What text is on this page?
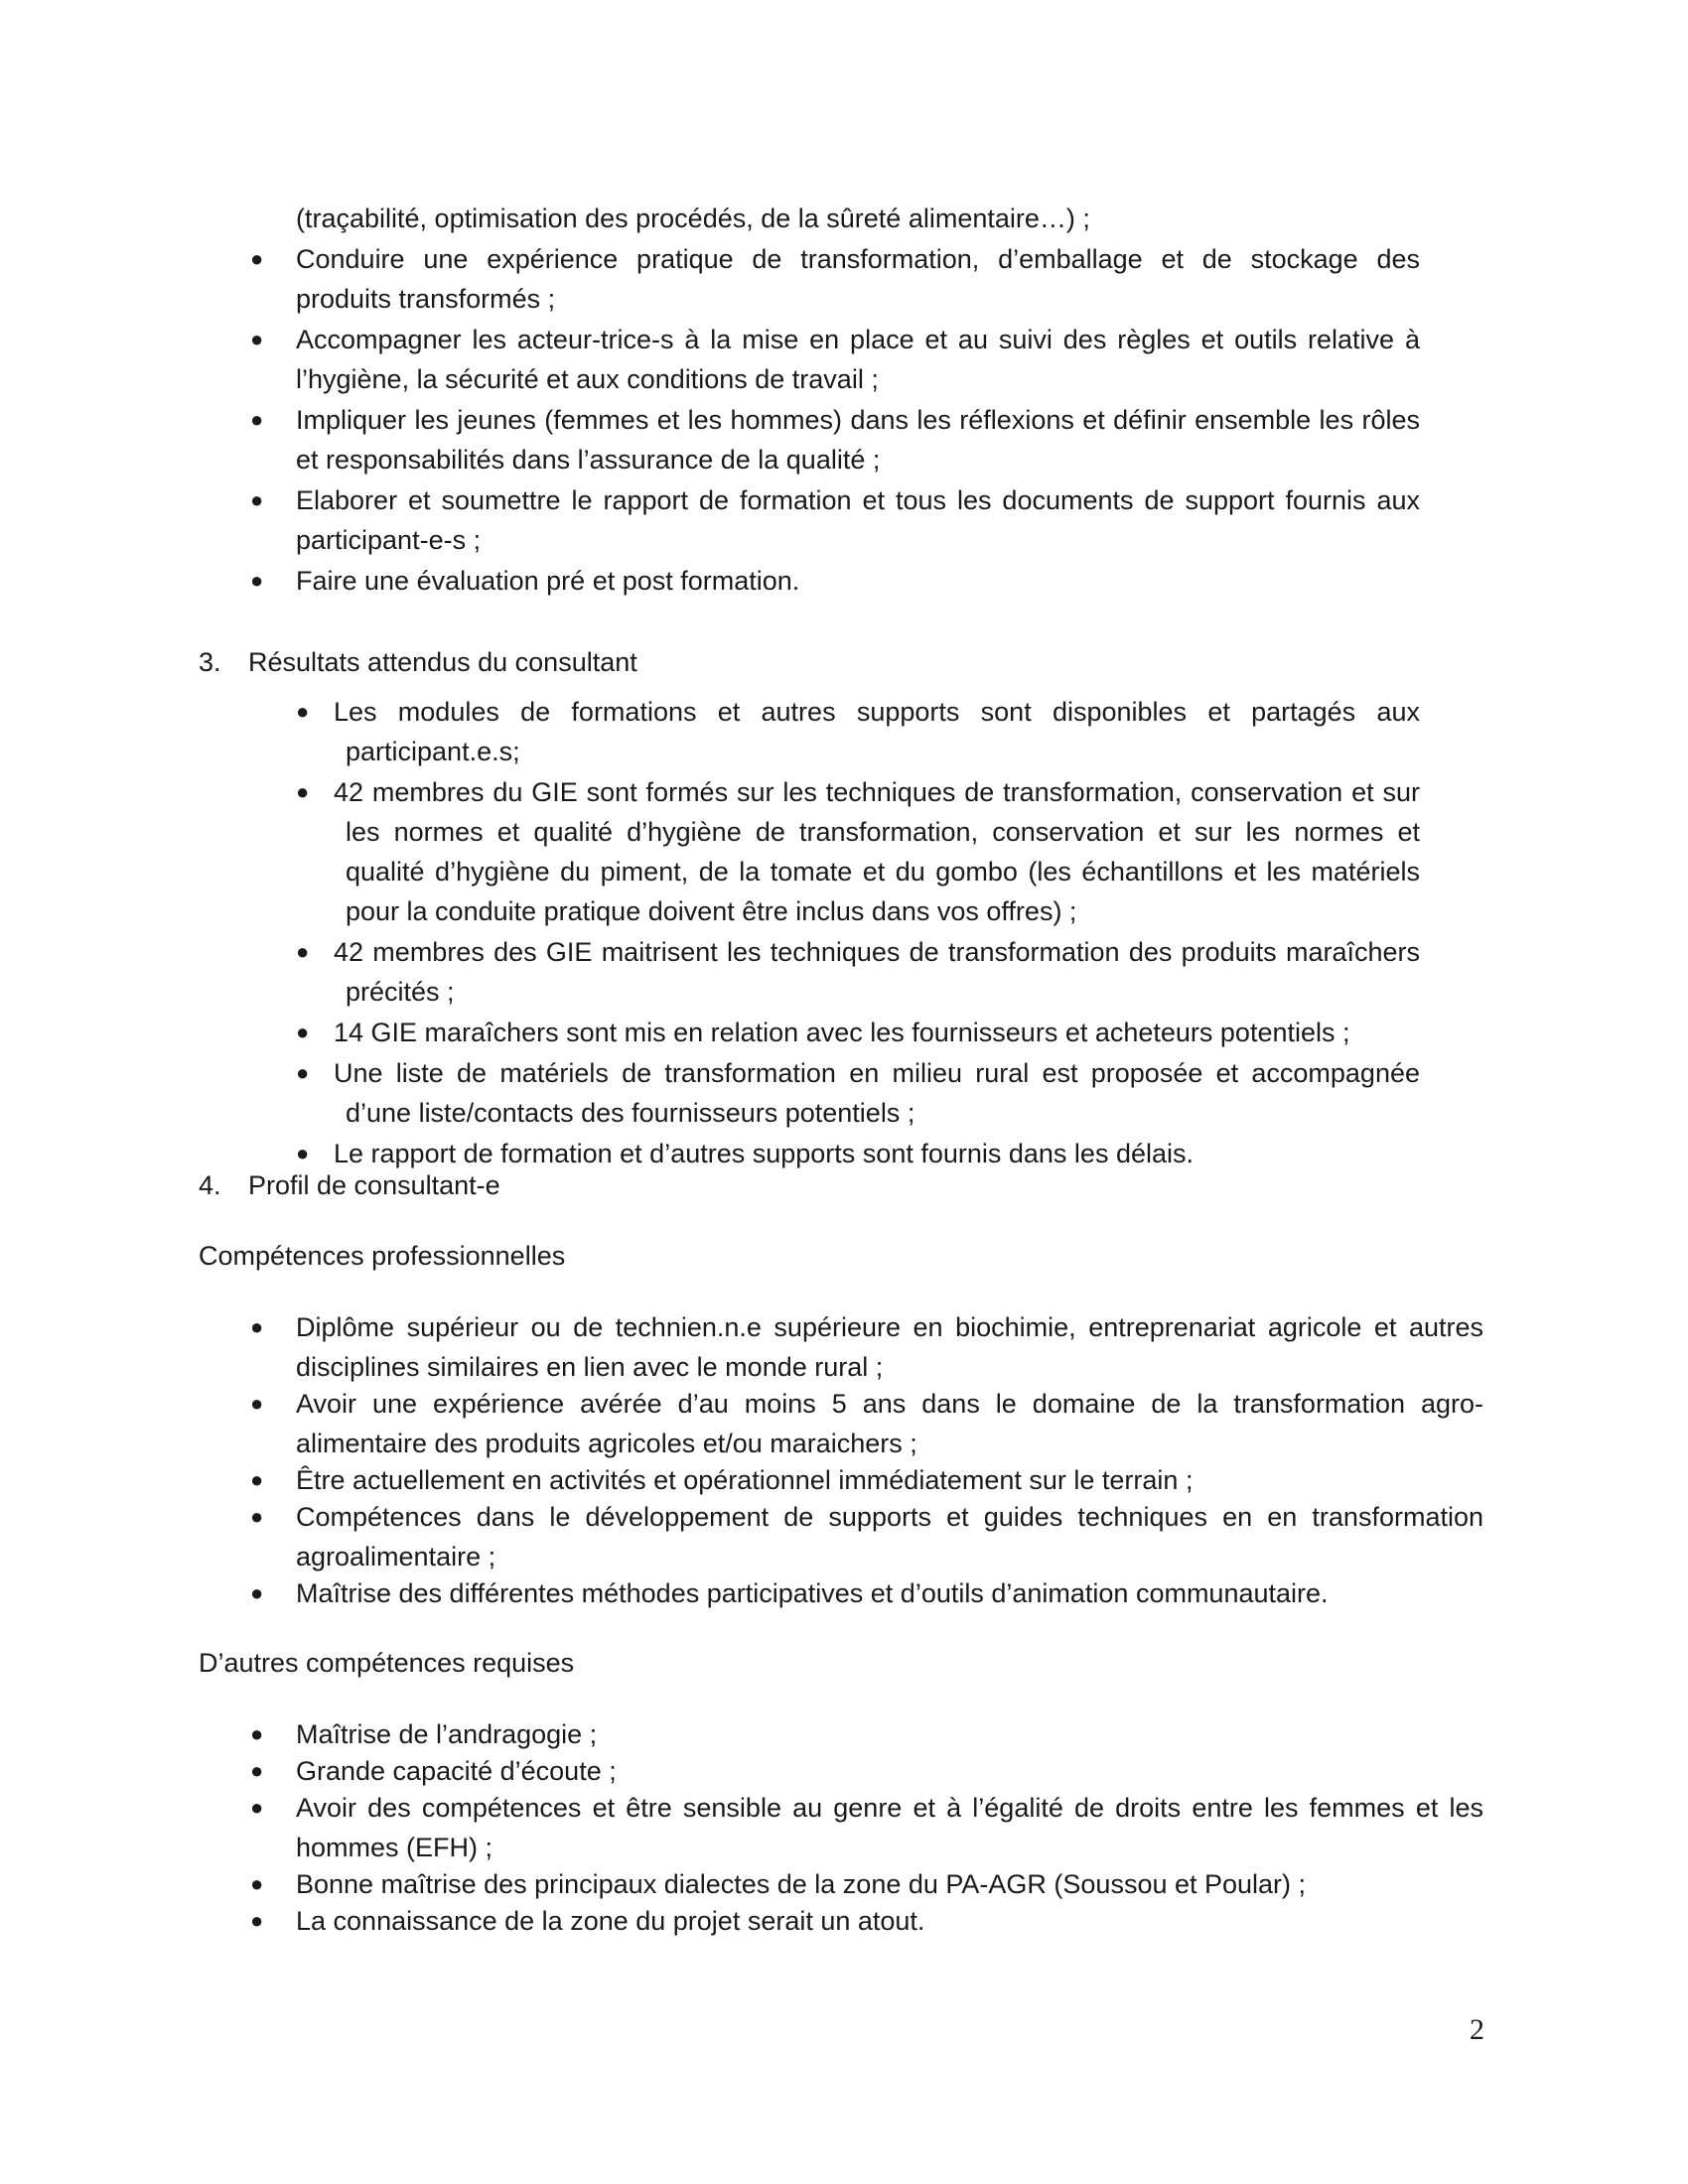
(traçabilité, optimisation des procédés, de la sûreté alimentaire…) ;
● Conduire une expérience pratique de transformation, d’emballage et de stockage des
produits transformés ;
● Accompagner les acteur-trice-s à la mise en place et au suivi des règles et outils relative à
l’hygiène, la sécurité et aux conditions de travail ;
● Impliquer les jeunes (femmes et les hommes) dans les réflexions et définir ensemble les rôles
et responsabilités dans l’assurance de la qualité ;
● Elaborer et soumettre le rapport de formation et tous les documents de support fournis aux
participant-e-s ;
● Faire une évaluation pré et post formation.
3. Résultats attendus du consultant
● Les modules de formations et autres supports sont disponibles et partagés aux
participant.e.s;
● 42 membres du GIE sont formés sur les techniques de transformation, conservation et sur
les normes et qualité d’hygiène de transformation, conservation et sur les normes et
qualité d’hygiène du piment, de la tomate et du gombo (les échantillons et les matériels
pour la conduite pratique doivent être inclus dans vos offres) ;
● 42 membres des GIE maitrisent les techniques de transformation des produits maraîchers
précités ;
● 14 GIE maraîchers sont mis en relation avec les fournisseurs et acheteurs potentiels ;
● Une liste de matériels de transformation en milieu rural est proposée et accompagnée
d’une liste/contacts des fournisseurs potentiels ;
● Le rapport de formation et d’autres supports sont fournis dans les délais.
4. Profil de consultant-e
Compétences professionnelles
● Diplôme supérieur ou de technien.n.e supérieure en biochimie, entreprenariat agricole et autres
disciplines similaires en lien avec le monde rural ;
● Avoir une expérience avérée d’au moins 5 ans dans le domaine de la transformation agro-
alimentaire des produits agricoles et/ou maraichers ;
● Être actuellement en activités et opérationnel immédiatement sur le terrain ;
● Compétences dans le développement de supports et guides techniques en en transformation
agroalimentaire ;
● Maîtrise des différentes méthodes participatives et d’outils d’animation communautaire.
D’autres compétences requises
● Maîtrise de l’andragogie ;
● Grande capacité d’écoute ;
● Avoir des compétences et être sensible au genre et à l’égalité de droits entre les femmes et les
hommes (EFH) ;
● Bonne maîtrise des principaux dialectes de la zone du PA-AGR (Soussou et Poular) ;
● La connaissance de la zone du projet serait un atout.
2
